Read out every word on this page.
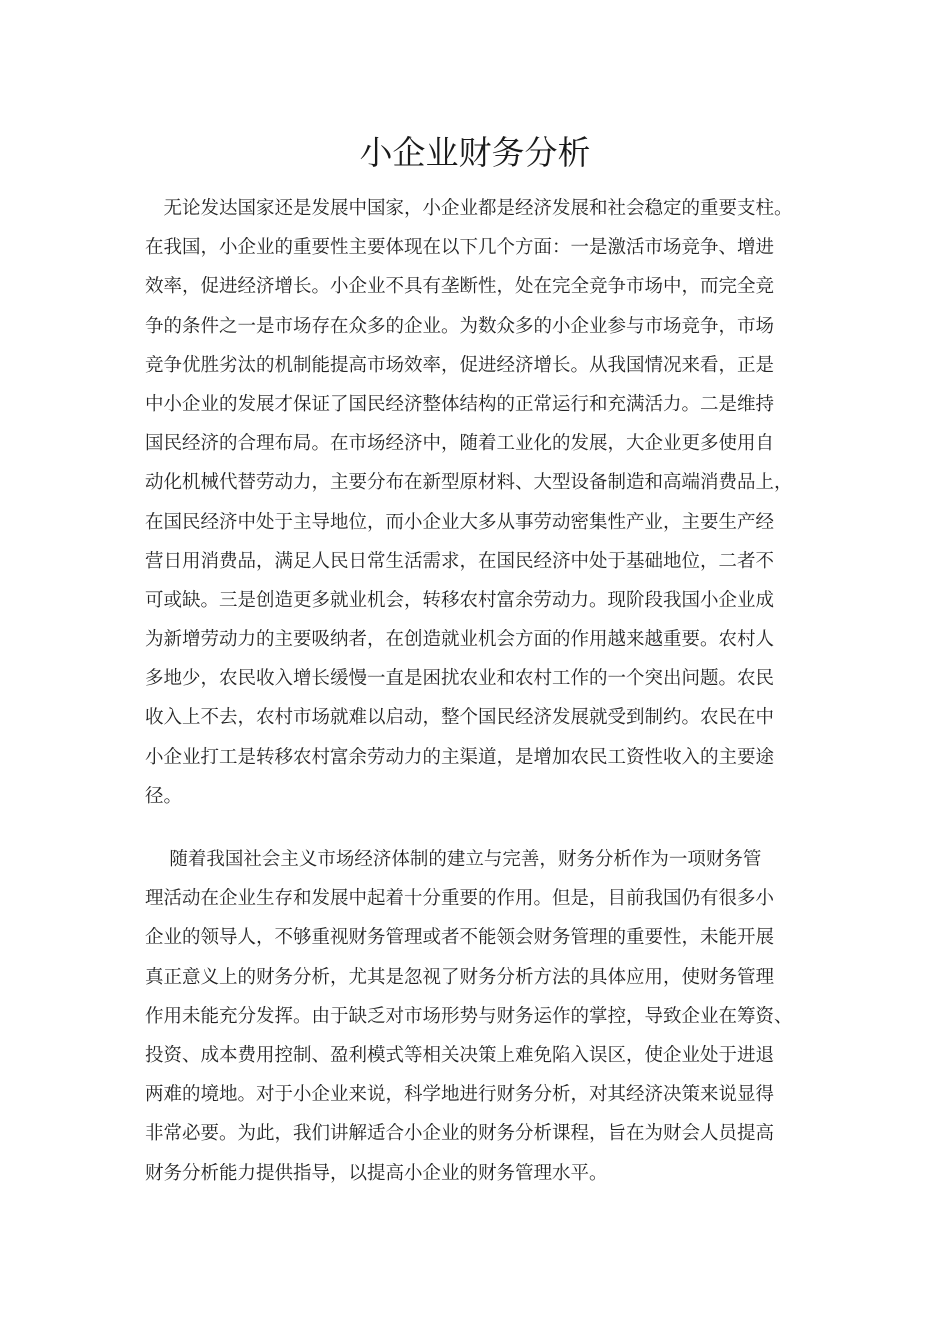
小企业财务分析
　无论发达国家还是发展中国家，小企业都是经济发展和社会稳定的重要支柱。
在我国，小企业的重要性主要体现在以下几个方面：一是激活市场竞争、增进
效率，促进经济增长。小企业不具有垄断性，处在完全竞争市场中，而完全竞
争的条件之一是市场存在众多的企业。为数众多的小企业参与市场竞争，市场
竞争优胜劣汰的机制能提高市场效率，促进经济增长。从我国情况来看，正是
中小企业的发展才保证了国民经济整体结构的正常运行和充满活力。二是维持
国民经济的合理布局。在市场经济中，随着工业化的发展，大企业更多使用自
动化机械代替劳动力，主要分布在新型原材料、大型设备制造和高端消费品上，
在国民经济中处于主导地位，而小企业大多从事劳动密集性产业，主要生产经
营日用消费品，满足人民日常生活需求，在国民经济中处于基础地位，二者不
可或缺。三是创造更多就业机会，转移农村富余劳动力。现阶段我国小企业成
为新增劳动力的主要吸纳者，在创造就业机会方面的作用越来越重要。农村人
多地少，农民收入增长缓慢一直是困扰农业和农村工作的一个突出问题。农民
收入上不去，农村市场就难以启动，整个国民经济发展就受到制约。农民在中
小企业打工是转移农村富余劳动力的主渠道，是增加农民工资性收入的主要途
径。
　 随着我国社会主义市场经济体制的建立与完善，财务分析作为一项财务管
理活动在企业生存和发展中起着十分重要的作用。但是，目前我国仍有很多小
企业的领导人，不够重视财务管理或者不能领会财务管理的重要性，未能开展
真正意义上的财务分析，尤其是忽视了财务分析方法的具体应用，使财务管理
作用未能充分发挥。由于缺乏对市场形势与财务运作的掌控，导致企业在筹资、
投资、成本费用控制、盈利模式等相关决策上难免陷入误区，使企业处于进退
两难的境地。对于小企业来说，科学地进行财务分析，对其经济决策来说显得
非常必要。为此，我们讲解适合小企业的财务分析课程，旨在为财会人员提高
财务分析能力提供指导，以提高小企业的财务管理水平。
